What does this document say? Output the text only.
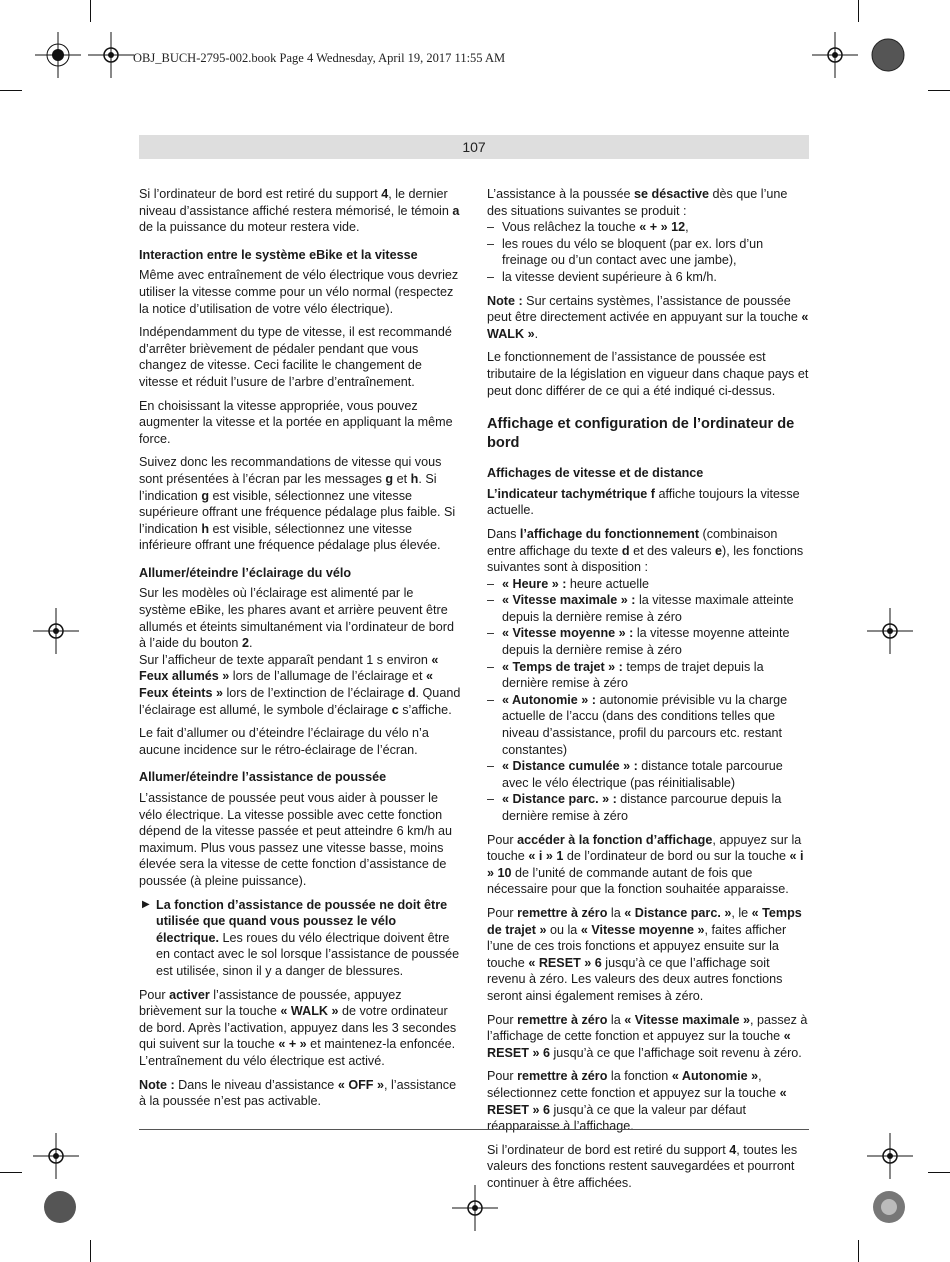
OBJ_BUCH-2795-002.book Page 4 Wednesday, April 19, 2017 11:55 AM
107

Si l’ordinateur de bord est retiré du support 4, le dernier niveau d’assistance affiché restera mémorisé, le témoin a de la puissance du moteur restera vide.

Interaction entre le système eBike et la vitesse

Même avec entraînement de vélo électrique vous devriez utiliser la vitesse comme pour un vélo normal (respectez la notice d’utilisation de votre vélo électrique).

Indépendamment du type de vitesse, il est recommandé d’arrêter brièvement de pédaler pendant que vous changez de vitesse. Ceci facilite le changement de vitesse et réduit l’usure de l’arbre d’entraînement.

En choisissant la vitesse appropriée, vous pouvez augmenter la vitesse et la portée en appliquant la même force.

Suivez donc les recommandations de vitesse qui vous sont présentées à l’écran par les messages g et h. Si l’indication g est visible, sélectionnez une vitesse supérieure offrant une fréquence pédalage plus faible. Si l’indication h est visible, sélectionnez une vitesse inférieure offrant une fréquence pédalage plus élevée.

Allumer/éteindre l’éclairage du vélo

Sur les modèles où l’éclairage est alimenté par le système eBike, les phares avant et arrière peuvent être allumés et éteints simultanément via l’ordinateur de bord à l’aide du bouton 2.

Sur l’afficheur de texte apparaît pendant 1 s environ « Feux allumés » lors de l’allumage de l’éclairage et « Feux éteints » lors de l’extinction de l’éclairage d. Quand l’éclairage est allumé, le symbole d’éclairage c s’affiche.

Le fait d’allumer ou d’éteindre l’éclairage du vélo n’a aucune incidence sur le rétro-éclairage de l’écran.

Allumer/éteindre l’assistance de poussée

L’assistance de poussée peut vous aider à pousser le vélo électrique. La vitesse possible avec cette fonction dépend de la vitesse passée et peut atteindre 6 km/h au maximum. Plus vous passez une vitesse basse, moins élevée sera la vitesse de cette fonction d’assistance de poussée (à pleine puissance).

▶ La fonction d’assistance de poussée ne doit être utilisée que quand vous poussez le vélo électrique. Les roues du vélo électrique doivent être en contact avec le sol lorsque l’assistance de poussée est utilisée, sinon il y a danger de blessures.

Pour activer l’assistance de poussée, appuyez brièvement sur la touche « WALK » de votre ordinateur de bord. Après l’activation, appuyez dans les 3 secondes qui suivent sur la touche « + » et maintenez-la enfoncée. L’entraînement du vélo électrique est activé.

Note : Dans le niveau d’assistance « OFF », l’assistance à la poussée n’est pas activable.

L’assistance à la poussée se désactive dès que l’une des situations suivantes se produit :

– Vous relâchez la touche « + » 12,
– les roues du vélo se bloquent (par ex. lors d’un freinage ou d’un contact avec une jambe),
– la vitesse devient supérieure à 6 km/h.

Note : Sur certains systèmes, l’assistance de poussée peut être directement activée en appuyant sur la touche « WALK ».

Le fonctionnement de l’assistance de poussée est tributaire de la législation en vigueur dans chaque pays et peut donc différer de ce qui a été indiqué ci-dessus.

Affichage et configuration de l’ordinateur de bord
Affichages de vitesse et de distance

L’indicateur tachymétrique f affiche toujours la vitesse actuelle.

Dans l’affichage du fonctionnement (combinaison entre affichage du texte d et des valeurs e), les fonctions suivantes sont à disposition :

– « Heure » : heure actuelle
– « Vitesse maximale » : la vitesse maximale atteinte depuis la dernière remise à zéro
– « Vitesse moyenne » : la vitesse moyenne atteinte depuis la dernière remise à zéro
– « Temps de trajet » : temps de trajet depuis la dernière remise à zéro
– « Autonomie » : autonomie prévisible vu la charge actuelle de l’accu (dans des conditions telles que niveau d’assistance, profil du parcours etc. restant constantes)
– « Distance cumulée » : distance totale parcourue avec le vélo électrique (pas réinitialisable)
– « Distance parc. » : distance parcourue depuis la dernière remise à zéro

Pour accéder à la fonction d’affichage, appuyez sur la touche « i » 1 de l’ordinateur de bord ou sur la touche « i » 10 de l’unité de commande autant de fois que nécessaire pour que la fonction souhaitée apparaisse.

Pour remettre à zéro la « Distance parc. », le « Temps de trajet » ou la « Vitesse moyenne », faites afficher l’une de ces trois fonctions et appuyez ensuite sur la touche « RESET » 6 jusqu’à ce que l’affichage soit revenu à zéro. Les valeurs des deux autres fonctions seront ainsi également remises à zéro.

Pour remettre à zéro la « Vitesse maximale », passez à l’affichage de cette fonction et appuyez sur la touche « RESET » 6 jusqu’à ce que l’affichage soit revenu à zéro.

Pour remettre à zéro la fonction « Autonomie », sélectionnez cette fonction et appuyez sur la touche « RESET » 6 jusqu’à ce que la valeur par défaut réapparaisse à l’affichage.

Si l’ordinateur de bord est retiré du support 4, toutes les valeurs des fonctions restent sauvegardées et pourront continuer à être affichées.
